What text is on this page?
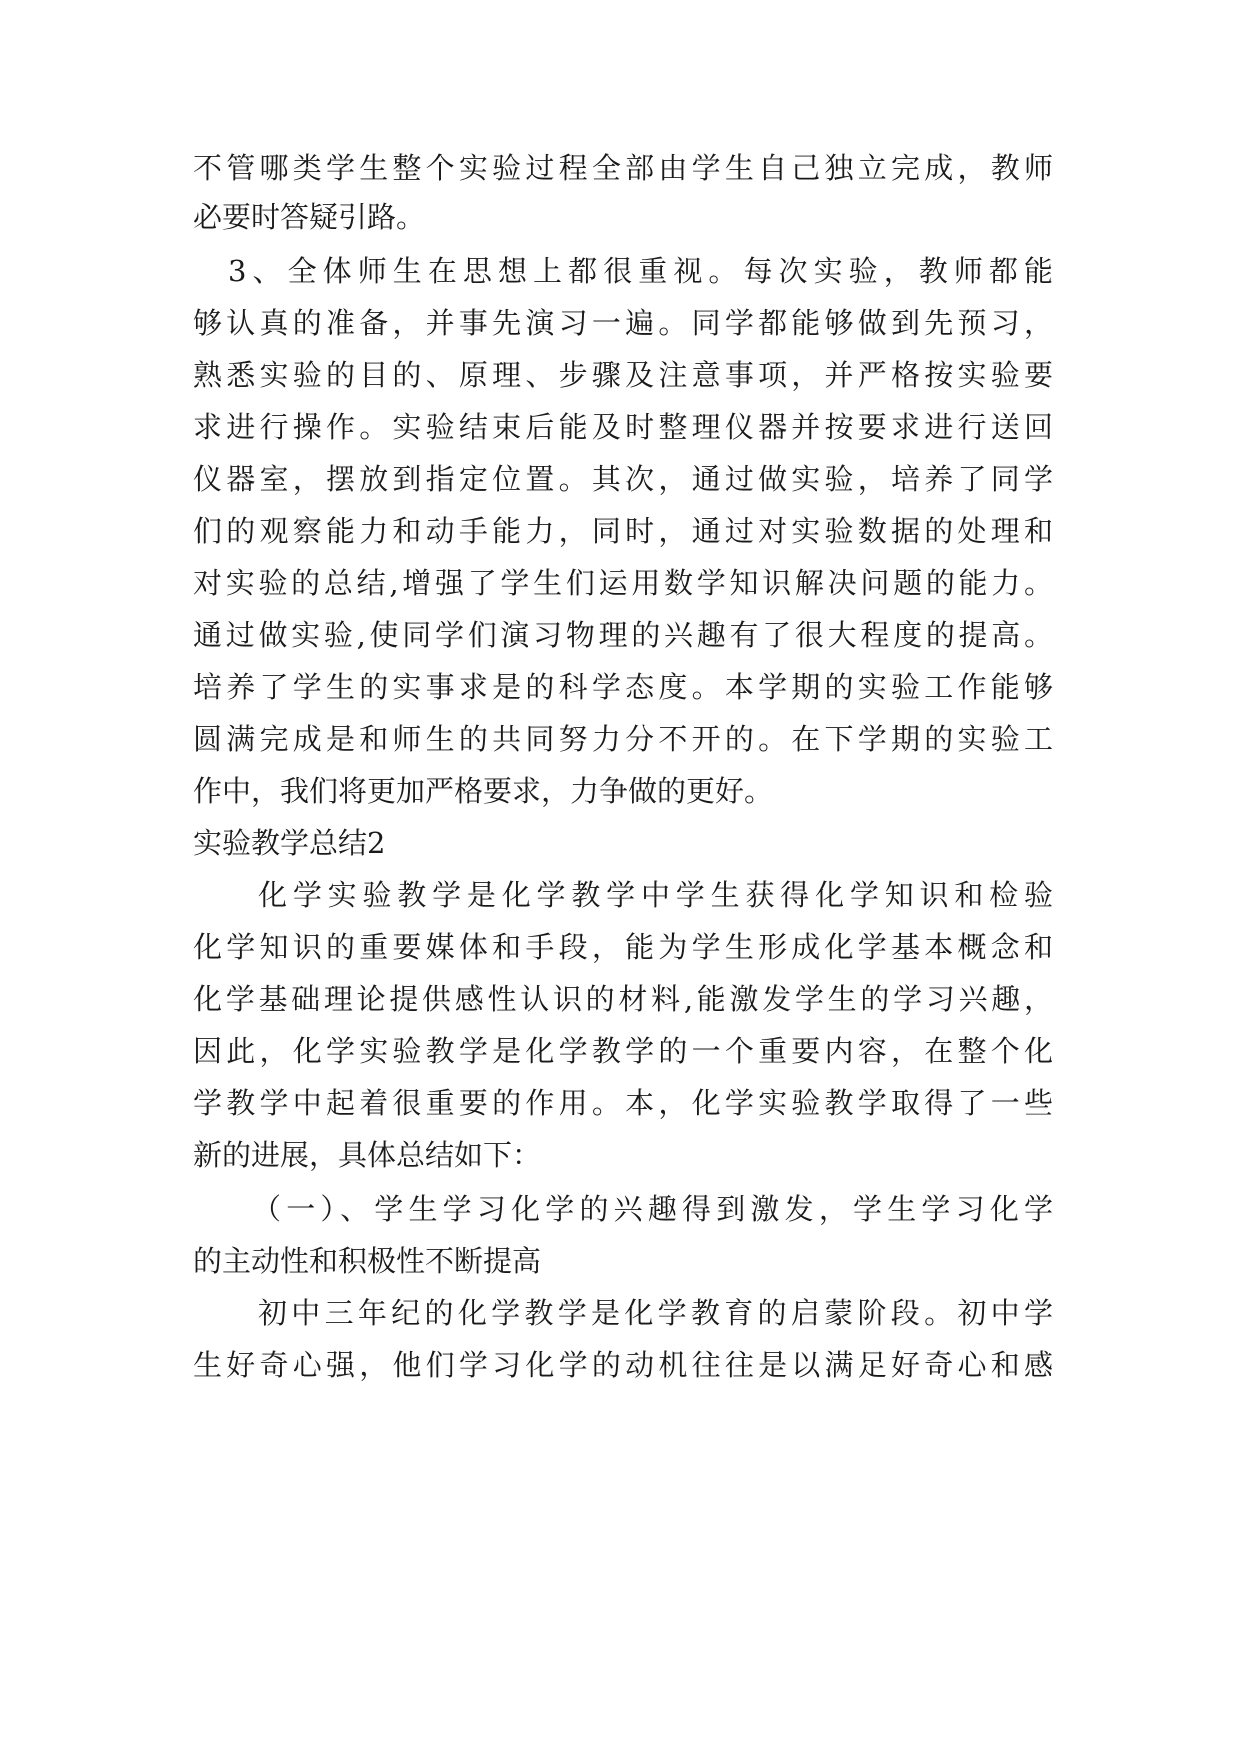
不管哪类学生整个实验过程全部由学生自己独立完成，教师
必要时答疑引路。
3、全体师生在思想上都很重视。每次实验，教师都能
够认真的准备，并事先演习一遍。同学都能够做到先预习，
熟悉实验的目的、原理、步骤及注意事项，并严格按实验要
求进行操作。实验结束后能及时整理仪器并按要求进行送回
仪器室，摆放到指定位置。其次，通过做实验，培养了同学
们的观察能力和动手能力，同时，通过对实验数据的处理和
对实验的总结,增强了学生们运用数学知识解决问题的能力。
通过做实验,使同学们演习物理的兴趣有了很大程度的提高。
培养了学生的实事求是的科学态度。本学期的实验工作能够
圆满完成是和师生的共同努力分不开的。在下学期的实验工
作中，我们将更加严格要求，力争做的更好。
实验教学总结2
化学实验教学是化学教学中学生获得化学知识和检验
化学知识的重要媒体和手段，能为学生形成化学基本概念和
化学基础理论提供感性认识的材料,能激发学生的学习兴趣，
因此，化学实验教学是化学教学的一个重要内容，在整个化
学教学中起着很重要的作用。本，化学实验教学取得了一些
新的进展，具体总结如下：
（一）、学生学习化学的兴趣得到激发，学生学习化学
的主动性和积极性不断提高
初中三年纪的化学教学是化学教育的启蒙阶段。初中学
生好奇心强，他们学习化学的动机往往是以满足好奇心和感
